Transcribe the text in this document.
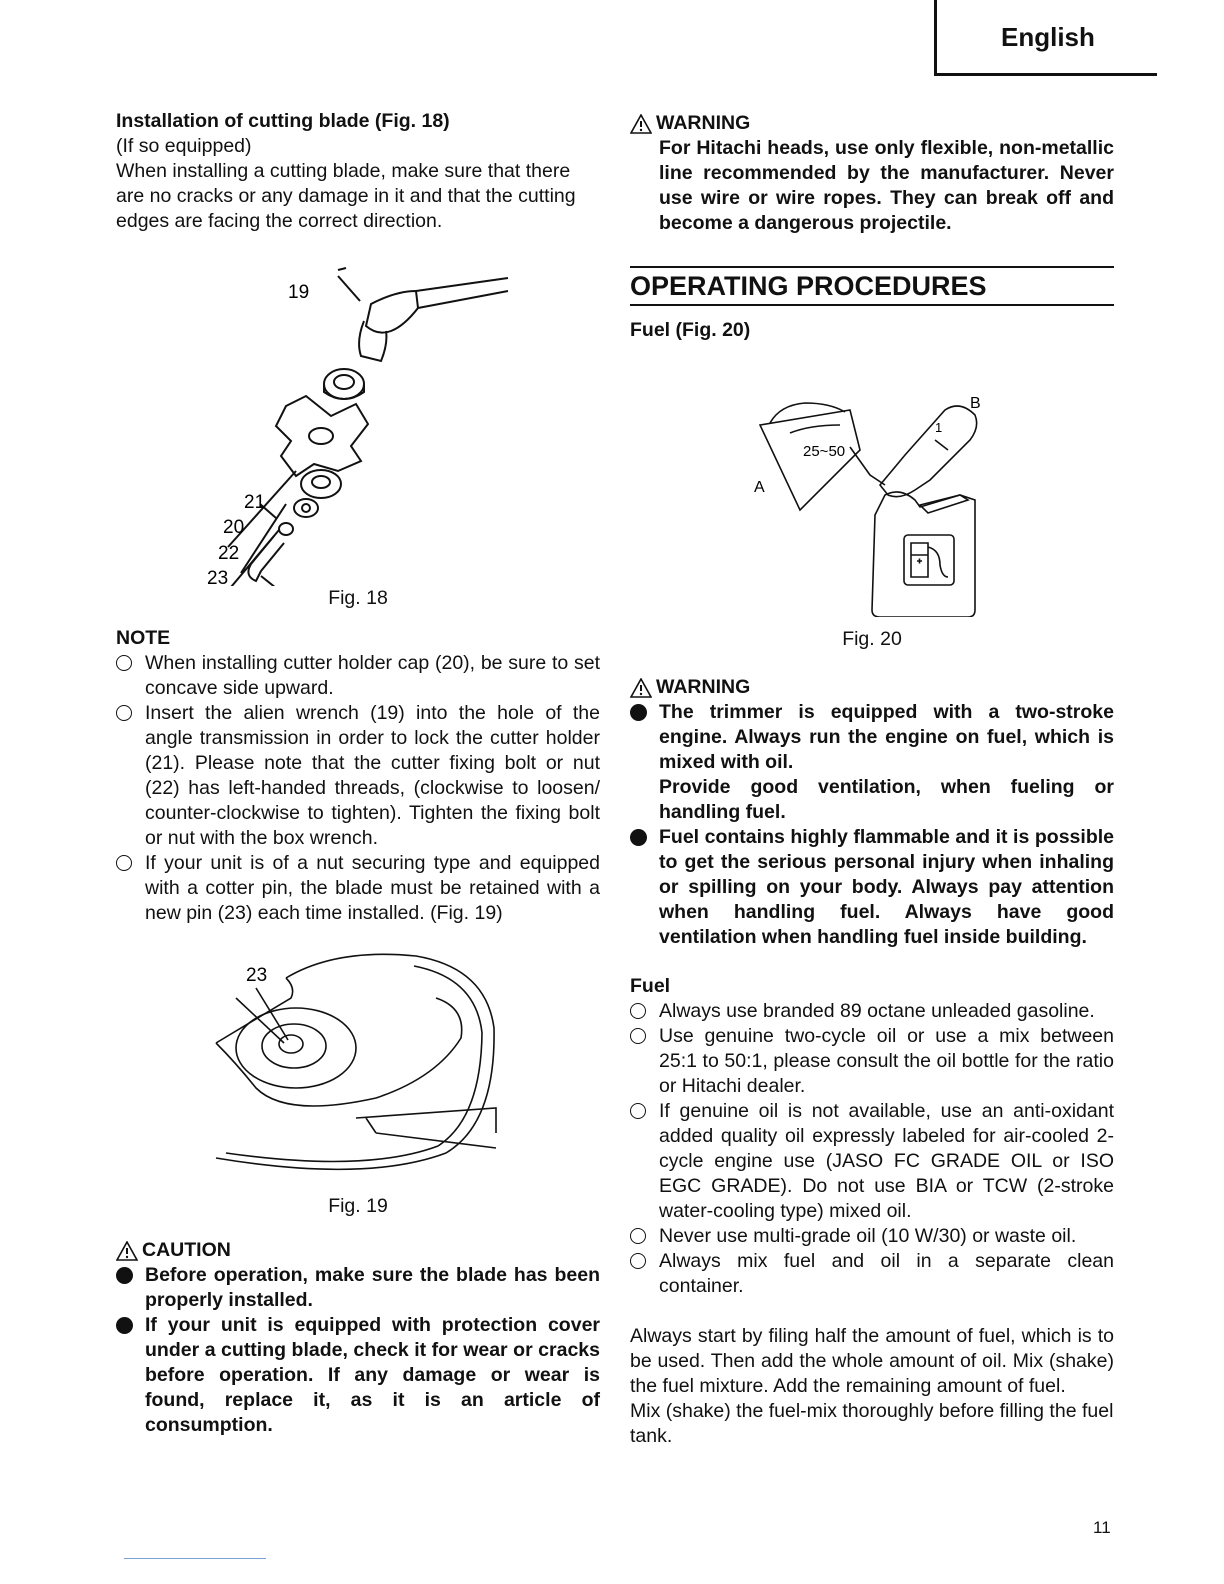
English

Installation of cutting blade (Fig. 18)

(If so equipped)

When installing a cutting blade, make sure that there are no cracks or any damage in it and that the cutting edges are facing the correct direction.

19
21
20
22
23

Fig. 18

NOTE

When installing cutter holder cap (20), be sure to set concave side upward.
Insert the alien wrench (19) into the hole of the angle transmission in order to lock the cutter holder (21). Please note that the cutter fixing bolt or nut (22) has left-handed threads, (clockwise to loosen/ counter-clockwise to tighten). Tighten the fixing bolt or nut with the box wrench.
If your unit is of a nut securing type and equipped with a cotter pin, the blade must be retained with a new pin (23) each time installed. (Fig. 19)
23

Fig. 19

CAUTION
Before operation, make sure the blade has been properly installed.
If your unit is equipped with protection cover under a cutting blade, check it for wear or cracks before operation. If any damage or wear is found, replace it, as it is an article of consumption.
WARNING

For Hitachi heads, use only flexible, non-metallic line recommended by the manufacturer. Never use wire or wire ropes. They can break off and become a dangerous projectile.

OPERATING PROCEDURES

Fuel (Fig. 20)

25~50
1
A
B

Fig. 20

WARNING
The trimmer is equipped with a two-stroke engine. Always run the engine on fuel, which is mixed with oil.
Provide good ventilation, when fueling or handling fuel.
Fuel contains highly flammable and it is possible to get the serious personal injury when inhaling or spilling on your body. Always pay attention when handling fuel. Always have good ventilation when handling fuel inside building.

Fuel

Always use branded 89 octane unleaded gasoline.
Use genuine two-cycle oil or use a mix between 25:1 to 50:1, please consult the oil bottle for the ratio or Hitachi dealer.
If genuine oil is not available, use an anti-oxidant added quality oil expressly labeled for air-cooled 2-cycle engine use (JASO FC GRADE OIL or ISO EGC GRADE). Do not use BIA or TCW (2-stroke water-cooling type) mixed oil.
Never use multi-grade oil (10 W/30) or waste oil.
Always mix fuel and oil in a separate clean container.

Always start by filing half the amount of fuel, which is to be used. Then add the whole amount of oil. Mix (shake) the fuel mixture. Add the remaining amount of fuel.

Mix (shake) the fuel-mix thoroughly before filling the fuel tank.

11
